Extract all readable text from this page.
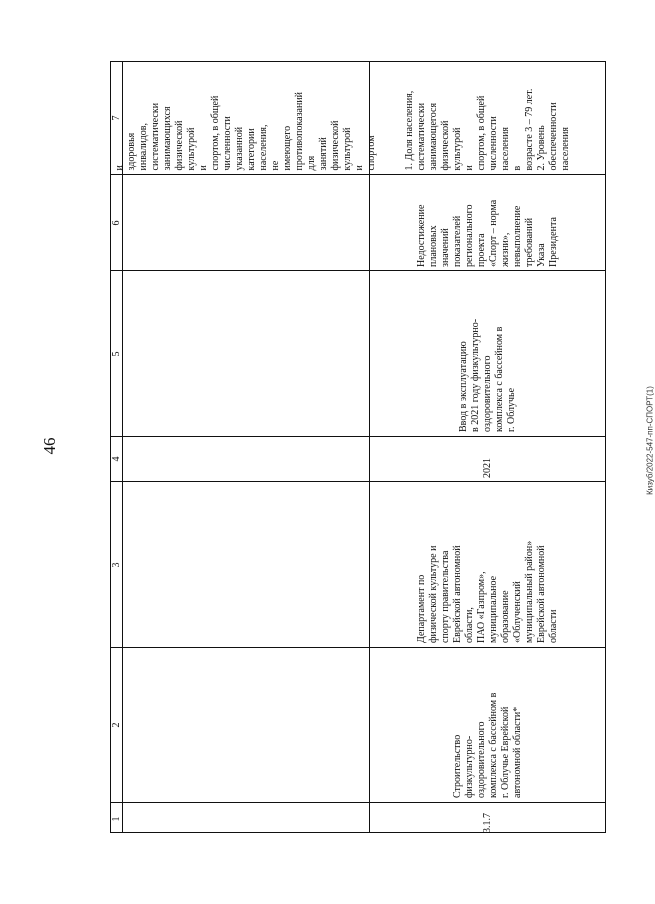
46	Кизуб/2022-547-пп-СПОРТ(1)
7
6
5
4
3
2
1
и
здоровья
инвалидов,
систематически
занимающихся
физической
культурой
и
спортом, в общей
численности
указанной
категории
населения,
не
имеющего
противопоказаний
для
занятий
физической
культурой
и
спортом	1. Доля населения,
систематически
занимающегося
физической
культурой
и
спортом, в общей
численности
населения
в
возрасте 3 – 79 лет.
2. Уровень
обеспеченности
населения
Недостижение
плановых
значений
показателей
регионального
проекта
«Спорт – норма
жизни»,
невыполнение
требований
Указа
Президента
Ввод в эксплуатацию
в 2021 году физкультурно-
оздоровительного
комплекса с бассейном в
г. Облучье
2021
Департамент по
физической культуре и
спорту правительства
Еврейской автономной
области,
ПАО «Газпром»,
муниципальное
образование
«Облученский
муниципальный район»
Еврейской автономной
области
Строительство
физкультурно-
оздоровительного
комплекса с бассейном в
г. Облучье Еврейской
автономной области*
3.1.7
